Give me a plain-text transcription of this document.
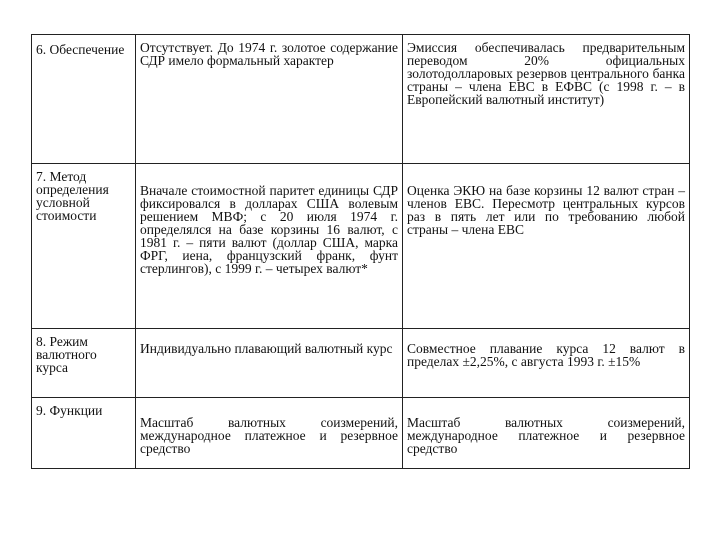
6. Обеспечение	Отсутствует. До 1974 г. золотое содержание СДР имело формальный характер	Эмиссия обеспечивалась предварительным переводом 20% официальных золотодолларовых резервов центрального банка страны – члена ЕВС в ЕФВС (с 1998 г. – в Европейский валютный институт)
7. Метод определения условной стоимости	Вначале стоимостной паритет единицы СДР фиксировался в долларах США волевым решением МВФ; с 20 июля 1974 г. определялся на базе корзины 16 валют, с 1981 г. – пяти валют (доллар США, марка ФРГ, иена, французский франк, фунт стерлингов), с 1999 г. – четырех валют*	Оценка ЭКЮ на базе корзины 12 валют стран – членов ЕВС. Пересмотр центральных курсов раз в пять лет или по требованию любой страны – члена ЕВС
8. Режим валютного курса	Индивидуально плавающий валютный курс	Совместное плавание курса 12 валют в пределах ±2,25%, с августа 1993 г. ±15%
9. Функции	Масштаб валютных соизмерений, международное платежное и резервное средство	Масштаб валютных соизмерений, международное платежное и резервное средство
